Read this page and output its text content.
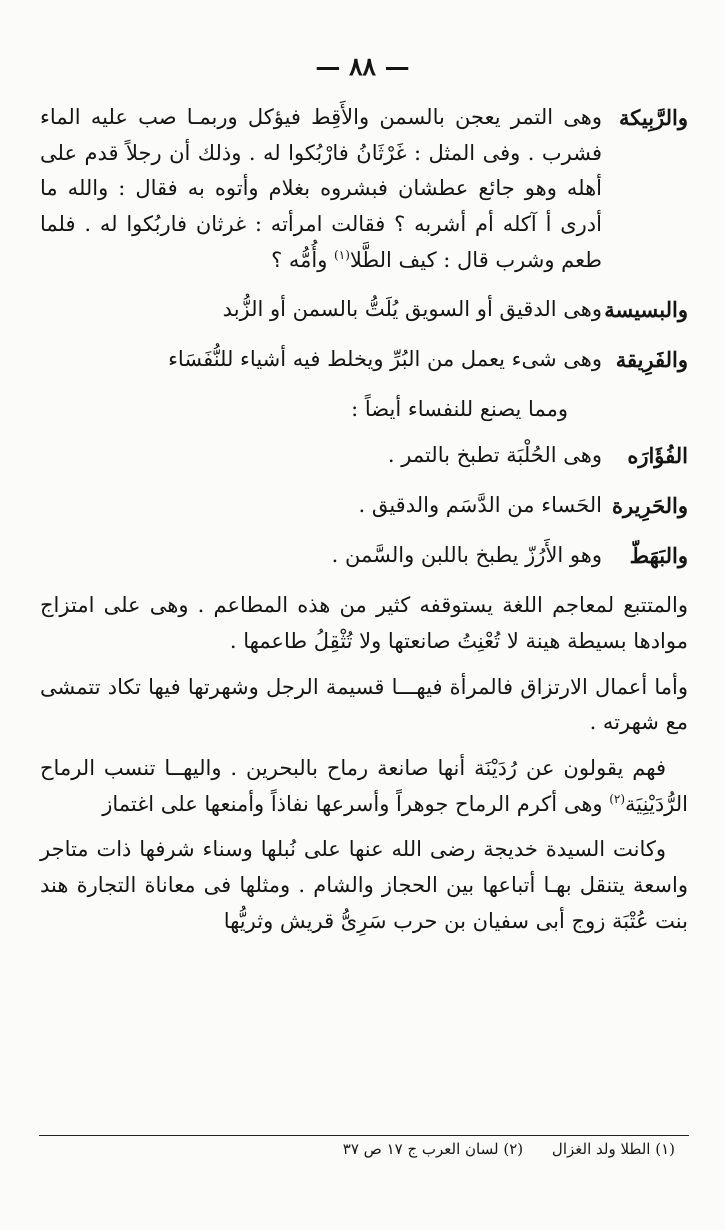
— ٨٨ —
والرَّبِيكة
وهى التمر يعجن بالسمن والأَقِط فيؤكل وربمـا صب عليه الماء فشرب . وفى المثل : غَرْثَانُ فارْبُكوا له . وذلك أن رجلاً قدم على أهله وهو جائع عطشان فبشروه بغلام وأتوه به فقال : والله ما أدرى أ آكله أم أشربه ؟ فقالت امرأته : غرثان فاربُكوا له . فلما طعم وشرب قال : كيف الطَّلا$^{(١)}$ وأُمُّه ؟
والبسيسة
وهى الدقيق أو السويق يُلَتُّ بالسمن أو الزُّبد
والفَرِيقة
وهى شىء يعمل من البُرِّ ويخلط فيه أشياء للنُّفَسَاء
ومما يصنع للنفساء أيضاً :
الفُؤَارَه
وهى الحُلْبَة تطبخ بالتمر .
والحَرِيرة
الحَساء من الدَّسَم والدقيق .
والبَهَطّ
وهو الأَرُزّ يطبخ باللبن والسَّمن .

والمتتبع لمعاجم اللغة يستوقفه كثير من هذه المطاعم . وهى على امتزاج موادها بسيطة هينة لا تُعْنِتُ صانعتها ولا تُثْقِلُ طاعمها .

وأما أعمال الارتزاق فالمرأة فيهـــا قسيمة الرجل وشهرتها فيها تكاد تتمشى مع شهرته .

فهم يقولون عن رُدَيْنَة أنها صانعة رماح بالبحرين . واليهــا تنسب الرماح الرُّدَيْنِيَة$^{(٢)}$ وهى أكرم الرماح جوهراً وأسرعها نفاذاً وأمنعها على اغتماز

وكانت السيدة خديجة رضى الله عنها على نُبلها وسناء شرفها ذات متاجر واسعة يتنقل بهـا أتباعها بين الحجاز والشام . ومثلها فى معاناة التجارة هند بنت عُتْبَة زوج أبى سفيان بن حرب سَرِىُّ قريش وثريُّها

(١) الطلا ولد الغزال (٢) لسان العرب ج ١٧ ص ٣٧
